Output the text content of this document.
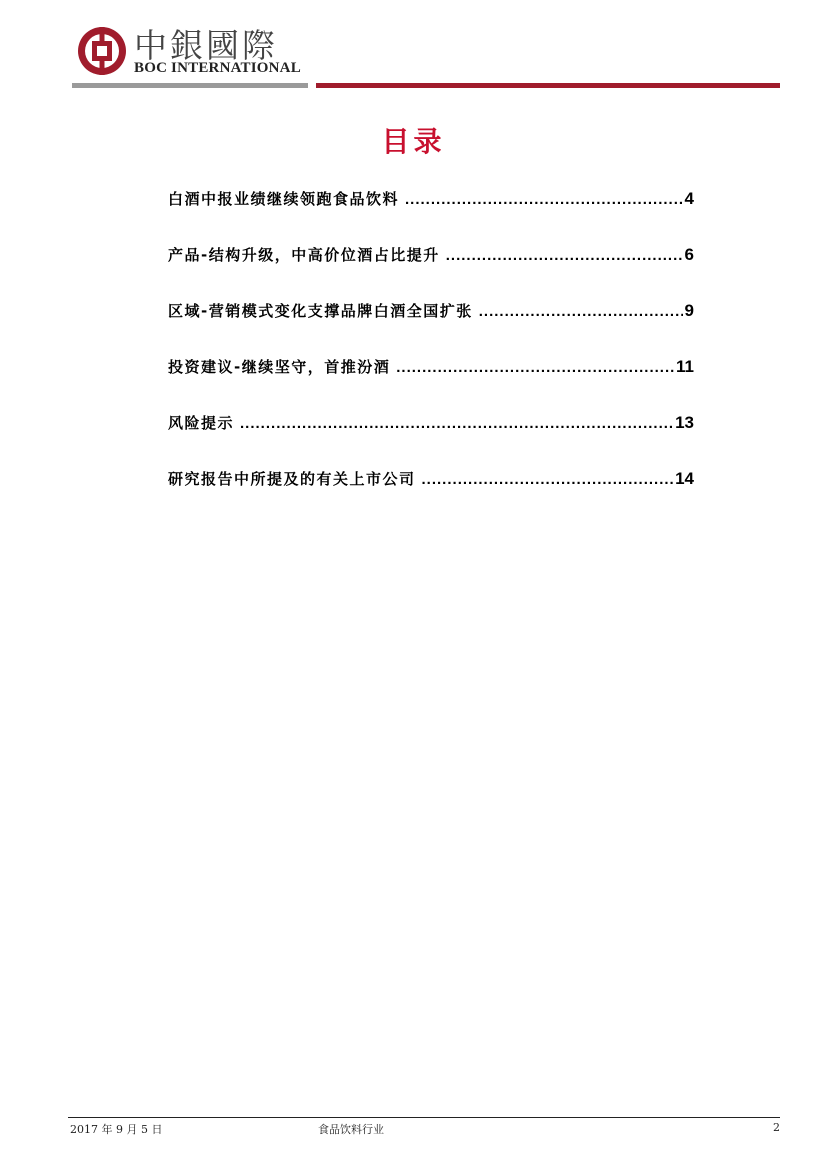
中銀國際
BOC INTERNATIONAL
目录
白酒中报业绩继续领跑食品饮料 .....	4
产品-结构升级，中高价位酒占比提升 .....	6
区域-营销模式变化支撑品牌白酒全国扩张 .....	9
投资建议-继续坚守，首推汾酒 .....	11
风险提示 .....	13
研究报告中所提及的有关上市公司 .....	14
2017 年 9 月 5 日	食品饮料行业	2
